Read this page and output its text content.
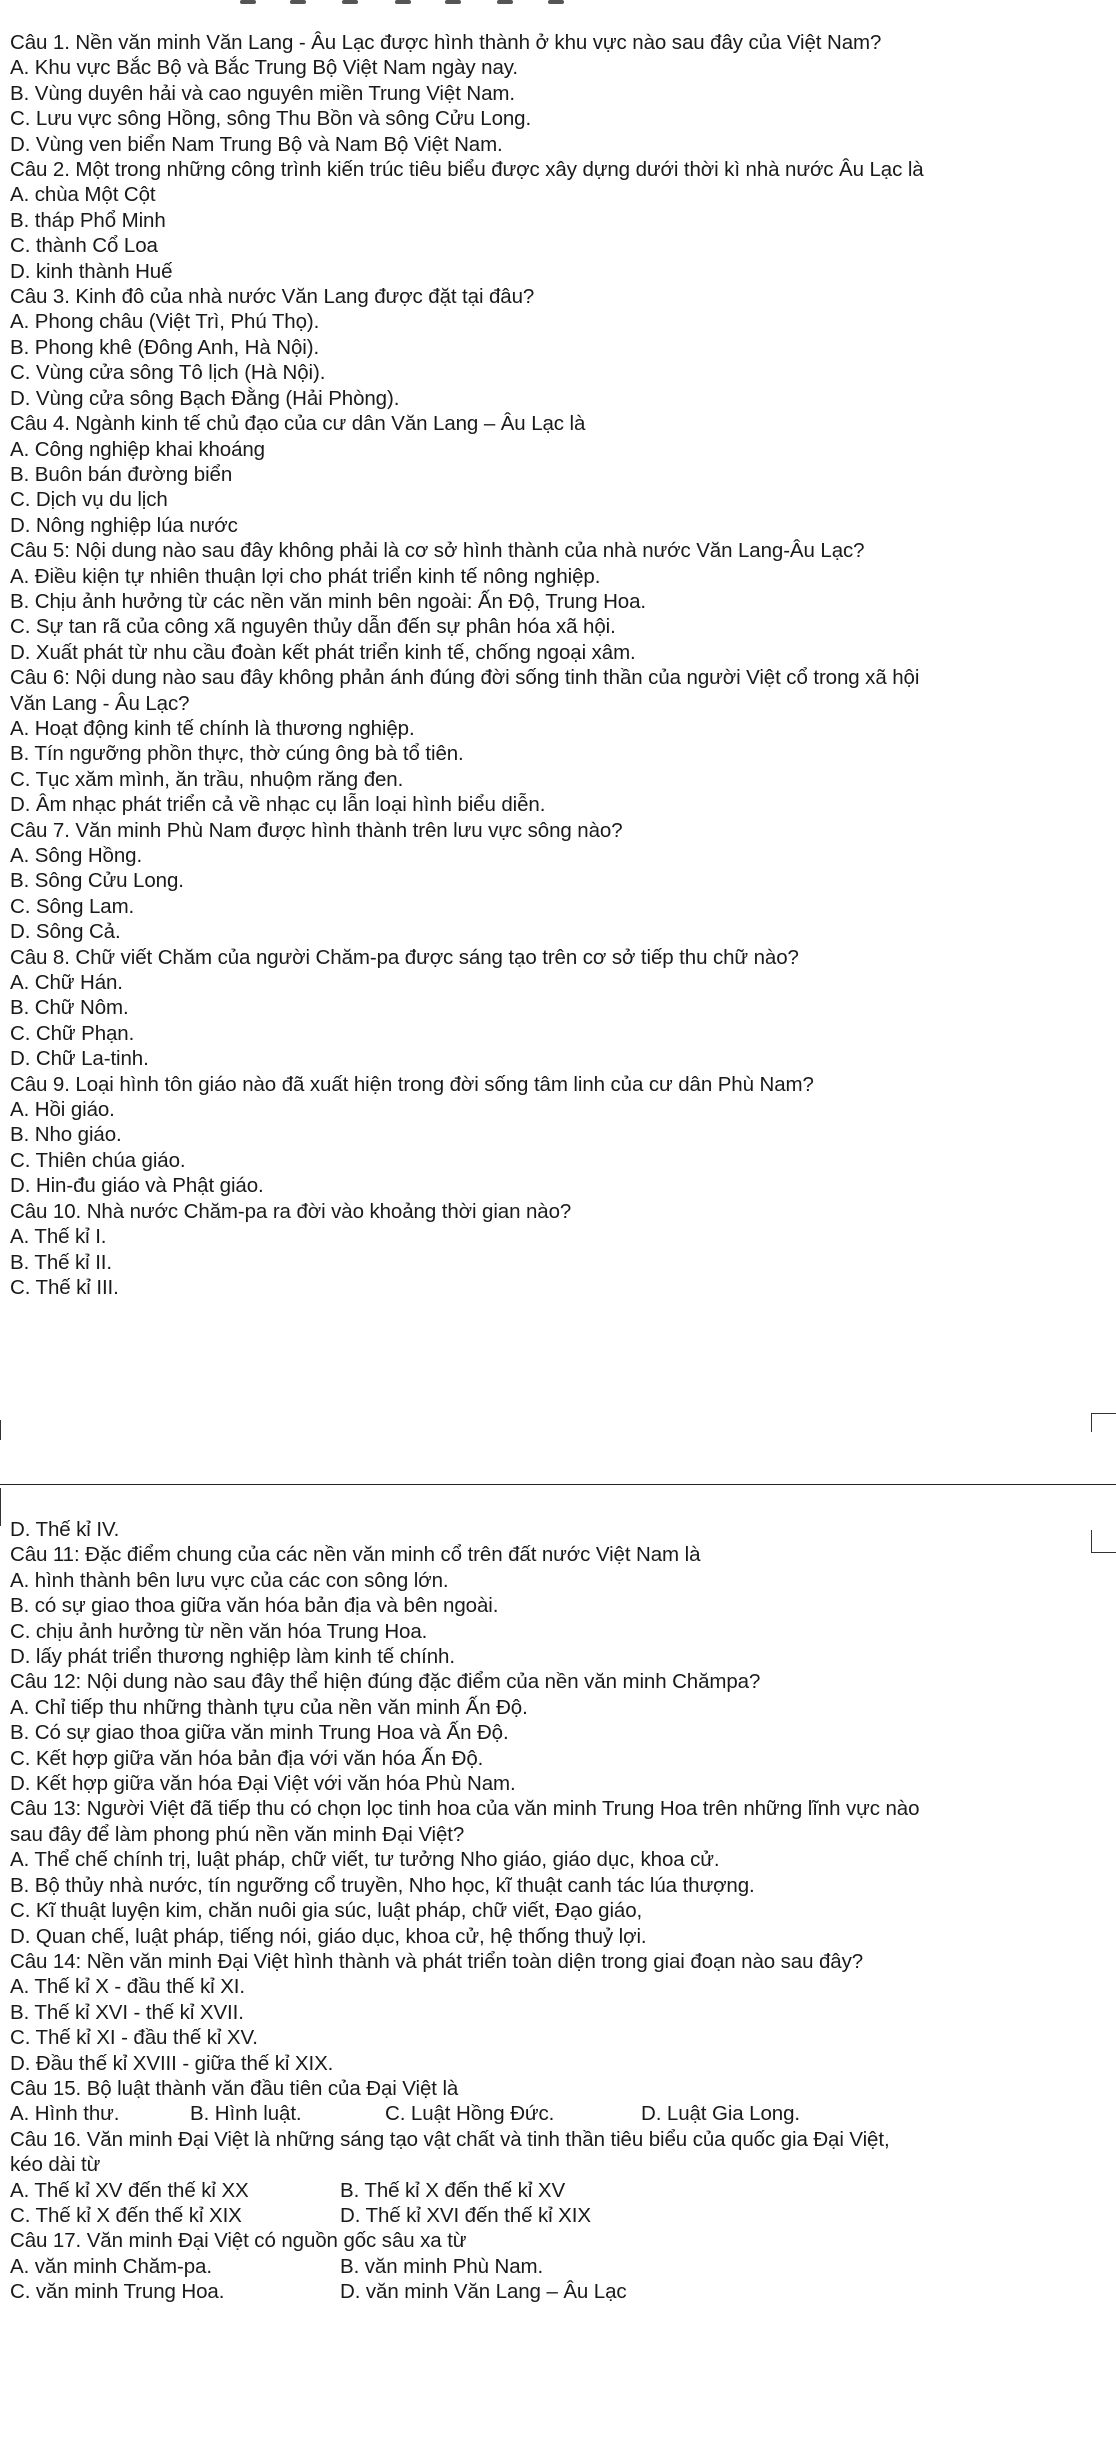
Câu 1. Nền văn minh Văn Lang - Âu Lạc được hình thành ở khu vực nào sau đây của Việt Nam?
A. Khu vực Bắc Bộ và Bắc Trung Bộ Việt Nam ngày nay.
B. Vùng duyên hải và cao nguyên miền Trung Việt Nam.
C. Lưu vực sông Hồng, sông Thu Bồn và sông Cửu Long.
D. Vùng ven biển Nam Trung Bộ và Nam Bộ Việt Nam.
Câu 2. Một trong những công trình kiến trúc tiêu biểu được xây dựng dưới thời kì nhà nước Âu Lạc là
A. chùa Một Cột
B. tháp Phổ Minh
C. thành Cổ Loa
D. kinh thành Huế
Câu 3. Kinh đô của nhà nước Văn Lang được đặt tại đâu?
A. Phong châu (Việt Trì, Phú Thọ).
B. Phong khê (Đông Anh, Hà Nội).
C. Vùng cửa sông Tô lịch (Hà Nội).
D. Vùng cửa sông Bạch Đằng (Hải Phòng).
Câu 4. Ngành kinh tế chủ đạo của cư dân Văn Lang – Âu Lạc là
A. Công nghiệp khai khoáng
B. Buôn bán đường biển
C. Dịch vụ du lịch
D. Nông nghiệp lúa nước
Câu 5: Nội dung nào sau đây không phải là cơ sở hình thành của nhà nước Văn Lang-Âu Lạc?
A. Điều kiện tự nhiên thuận lợi cho phát triển kinh tế nông nghiệp.
B. Chịu ảnh hưởng từ các nền văn minh bên ngoài: Ấn Độ, Trung Hoa.
C. Sự tan rã của công xã nguyên thủy dẫn đến sự phân hóa xã hội.
D. Xuất phát từ nhu cầu đoàn kết phát triển kinh tế, chống ngoại xâm.
Câu 6: Nội dung nào sau đây không phản ánh đúng đời sống tinh thần của người Việt cổ trong xã hội
Văn Lang - Âu Lạc?
A. Hoạt động kinh tế chính là thương nghiệp.
B. Tín ngưỡng phồn thực, thờ cúng ông bà tổ tiên.
C. Tục xăm mình, ăn trầu, nhuộm răng đen.
D. Âm nhạc phát triển cả về nhạc cụ lẫn loại hình biểu diễn.
Câu 7. Văn minh Phù Nam được hình thành trên lưu vực sông nào?
A. Sông Hồng.
B. Sông Cửu Long.
C. Sông Lam.
D. Sông Cả.
Câu 8. Chữ viết Chăm của người Chăm-pa được sáng tạo trên cơ sở tiếp thu chữ nào?
A. Chữ Hán.
B. Chữ Nôm.
C. Chữ Phạn.
D. Chữ La-tinh.
Câu 9. Loại hình tôn giáo nào đã xuất hiện trong đời sống tâm linh của cư dân Phù Nam?
A. Hồi giáo.
B. Nho giáo.
C. Thiên chúa giáo.
D. Hin-đu giáo và Phật giáo.
Câu 10. Nhà nước Chăm-pa ra đời vào khoảng thời gian nào?
A. Thế kỉ I.
B. Thế kỉ II.
C. Thế kỉ III.
D. Thế kỉ IV.
Câu 11: Đặc điểm chung của các nền văn minh cổ trên đất nước Việt Nam là
A. hình thành bên lưu vực của các con sông lớn.
B. có sự giao thoa giữa văn hóa bản địa và bên ngoài.
C. chịu ảnh hưởng từ nền văn hóa Trung Hoa.
D. lấy phát triển thương nghiệp làm kinh tế chính.
Câu 12: Nội dung nào sau đây thể hiện đúng đặc điểm của nền văn minh Chămpa?
A. Chỉ tiếp thu những thành tựu của nền văn minh Ấn Độ.
B. Có sự giao thoa giữa văn minh Trung Hoa và Ấn Độ.
C. Kết hợp giữa văn hóa bản địa với văn hóa Ấn Độ.
D. Kết hợp giữa văn hóa Đại Việt với văn hóa Phù Nam.
Câu 13: Người Việt đã tiếp thu có chọn lọc tinh hoa của văn minh Trung Hoa trên những lĩnh vực nào
sau đây để làm phong phú nền văn minh Đại Việt?
A. Thể chế chính trị, luật pháp, chữ viết, tư tưởng Nho giáo, giáo dục, khoa cử.
B. Bộ thủy nhà nước, tín ngưỡng cổ truyền, Nho học, kĩ thuật canh tác lúa thượng.
C. Kĩ thuật luyện kim, chăn nuôi gia súc, luật pháp, chữ viết, Đạo giáo,
D. Quan chế, luật pháp, tiếng nói, giáo dục, khoa cử, hệ thống thuỷ lợi.
Câu 14: Nền văn minh Đại Việt hình thành và phát triển toàn diện trong giai đoạn nào sau đây?
A. Thế kỉ X - đầu thế kỉ XI.
B. Thế kỉ XVI - thế kỉ XVII.
C. Thế kỉ XI - đầu thế kỉ XV.
D. Đầu thế kỉ XVIII - giữa thế kỉ XIX.
Câu 15. Bộ luật thành văn đầu tiên của Đại Việt là
A. Hình thư.	B. Hình luật.	C. Luật Hồng Đức.	D. Luật Gia Long.
Câu 16. Văn minh Đại Việt là những sáng tạo vật chất và tinh thần tiêu biểu của quốc gia Đại Việt,
kéo dài từ
A. Thế kỉ XV đến thế kỉ XX	B. Thế kỉ X đến thế kỉ XV
C. Thế kỉ X đến thế kỉ XIX	D. Thế kỉ XVI đến thế kỉ XIX
Câu 17. Văn minh Đại Việt có nguồn gốc sâu xa từ
A. văn minh Chăm-pa.	B. văn minh Phù Nam.
C. văn minh Trung Hoa.	D. văn minh Văn Lang – Âu Lạc
